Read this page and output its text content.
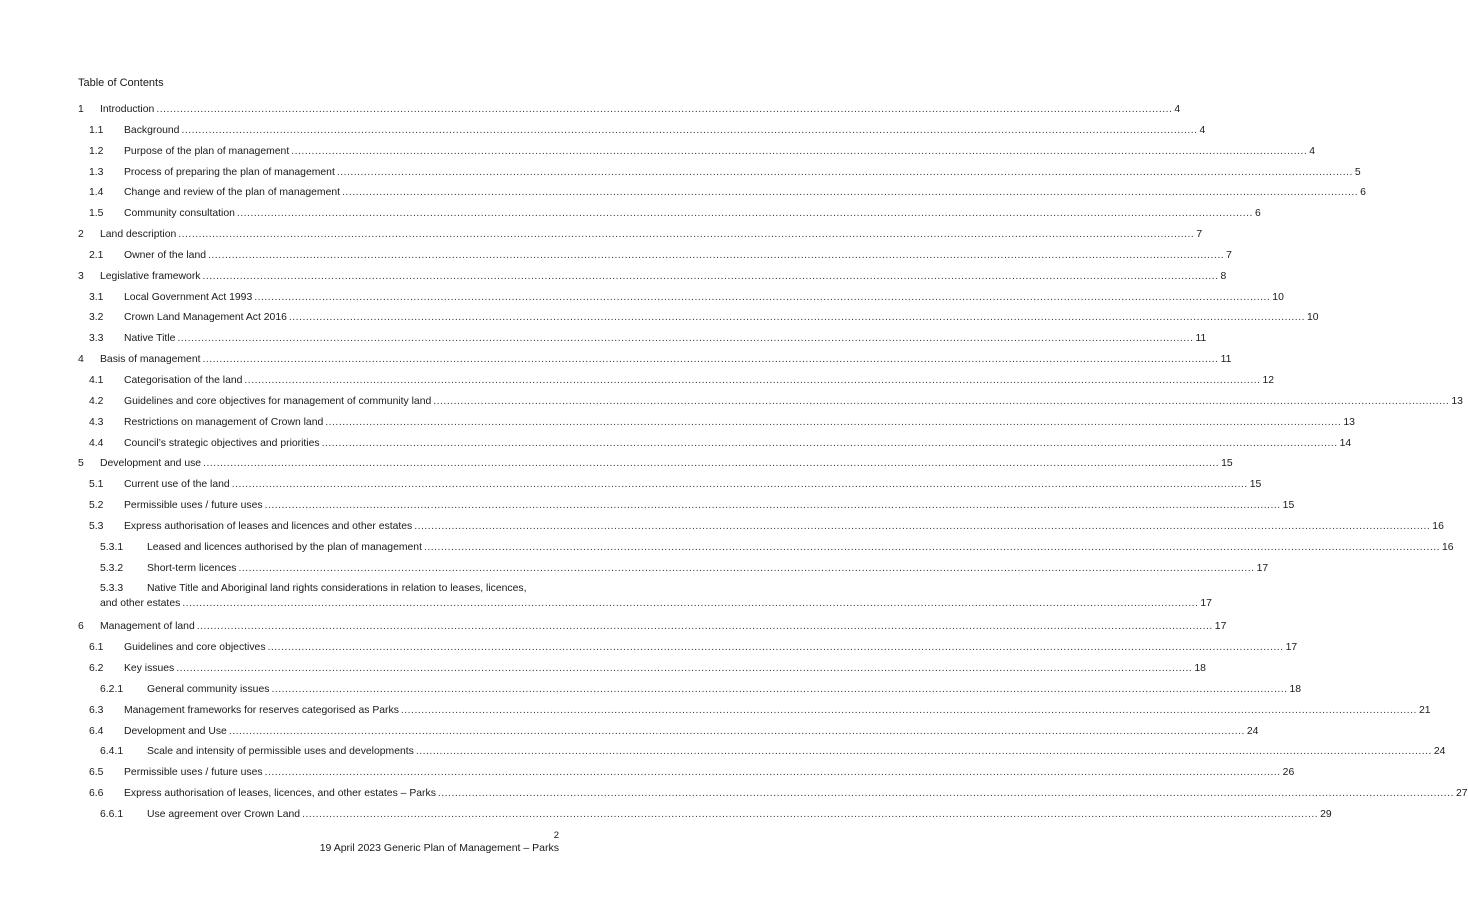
Table of Contents
1 Introduction ............................................................................................................................................................................................................................................................................................................ 4
1.1 Background ............................................................................................................................................................................................................................................................................................................ 4
1.2 Purpose of the plan of management ............................................................................................................................................................................................................................................................................................................ 4
1.3 Process of preparing the plan of management ............................................................................................................................................................................................................................................................................................................ 5
1.4 Change and review of the plan of management ............................................................................................................................................................................................................................................................................................................ 6
1.5 Community consultation ............................................................................................................................................................................................................................................................................................................ 6
2 Land description ............................................................................................................................................................................................................................................................................................................ 7
2.1 Owner of the land ............................................................................................................................................................................................................................................................................................................ 7
3 Legislative framework ............................................................................................................................................................................................................................................................................................................ 8
3.1 Local Government Act 1993 ............................................................................................................................................................................................................................................................................................................ 10
3.2 Crown Land Management Act 2016 ............................................................................................................................................................................................................................................................................................................ 10
3.3 Native Title ............................................................................................................................................................................................................................................................................................................ 11
4 Basis of management ............................................................................................................................................................................................................................................................................................................ 11
4.1 Categorisation of the land ............................................................................................................................................................................................................................................................................................................ 12
4.2 Guidelines and core objectives for management of community land ............................................................................................................................................................................................................................................................................................................ 13
4.3 Restrictions on management of Crown land ............................................................................................................................................................................................................................................................................................................ 13
4.4 Council’s strategic objectives and priorities ............................................................................................................................................................................................................................................................................................................ 14
5 Development and use ............................................................................................................................................................................................................................................................................................................ 15
5.1 Current use of the land ............................................................................................................................................................................................................................................................................................................ 15
5.2 Permissible uses / future uses ............................................................................................................................................................................................................................................................................................................ 15
5.3 Express authorisation of leases and licences and other estates ............................................................................................................................................................................................................................................................................................................ 16
5.3.1 Leased and licences authorised by the plan of management ............................................................................................................................................................................................................................................................................................................ 16
5.3.2 Short-term licences ............................................................................................................................................................................................................................................................................................................ 17
5.3.3 Native Title and Aboriginal land rights considerations in relation to leases, licences,
and other estates ............................................................................................................................................................................................................................................................................................................ 17
6 Management of land ............................................................................................................................................................................................................................................................................................................ 17
6.1 Guidelines and core objectives ............................................................................................................................................................................................................................................................................................................ 17
6.2 Key issues ............................................................................................................................................................................................................................................................................................................ 18
6.2.1 General community issues ............................................................................................................................................................................................................................................................................................................ 18
6.3 Management frameworks for reserves categorised as Parks ............................................................................................................................................................................................................................................................................................................ 21
6.4 Development and Use ............................................................................................................................................................................................................................................................................................................ 24
6.4.1 Scale and intensity of permissible uses and developments ............................................................................................................................................................................................................................................................................................................ 24
6.5 Permissible uses / future uses ............................................................................................................................................................................................................................................................................................................ 26
6.6 Express authorisation of leases, licences, and other estates – Parks ............................................................................................................................................................................................................................................................................................................ 27
6.6.1 Use agreement over Crown Land ............................................................................................................................................................................................................................................................................................................ 29
2
19 April 2023 Generic Plan of Management – Parks
